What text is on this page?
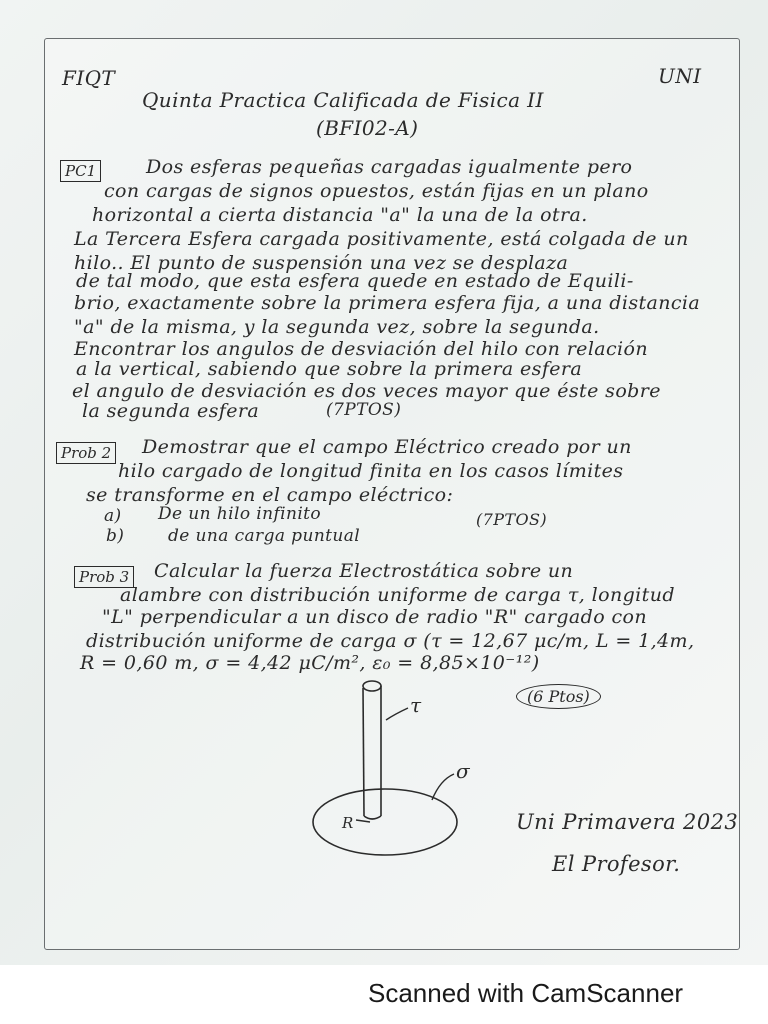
FIQT	UNI
Quinta Practica Calificada de Fisica II
(BFI02-A)
PC1	Dos esferas pequeñas cargadas igualmente pero
con cargas de signos opuestos, están fijas en un plano
horizontal a cierta distancia "a" la una de la otra.
La Tercera Esfera cargada positivamente, está colgada de un
hilo.. El punto de suspensión una vez se desplaza
de tal modo, que esta esfera quede en estado de Equili-
brio, exactamente sobre la primera esfera fija, a una distancia
"a" de la misma, y la segunda vez, sobre la segunda.
Encontrar los angulos de desviación del hilo con relación
a la vertical, sabiendo que sobre la primera esfera
el angulo de desviación es dos veces mayor que éste sobre
la segunda esfera	(7PTOS)
Prob 2 Demostrar que el campo Eléctrico creado por un
hilo cargado de longitud finita en los casos límites
se transforme en el campo eléctrico:
a) De un hilo infinito
b)	de una carga puntual
(7PTOS)
Prob 3 Calcular la fuerza Electrostática sobre un
alambre con distribución uniforme de carga τ, longitud
"L" perpendicular a un disco de radio "R" cargado con
distribución uniforme de carga σ (τ = 12,67 μc/m, L = 1,4m,
R = 0,60 m, σ = 4,42 μC/m², ε₀ = 8,85×10⁻¹²)
(6 Ptos)
τ
σ
R	Uni Primavera 2023
El Profesor.
Scanned with CamScanner
